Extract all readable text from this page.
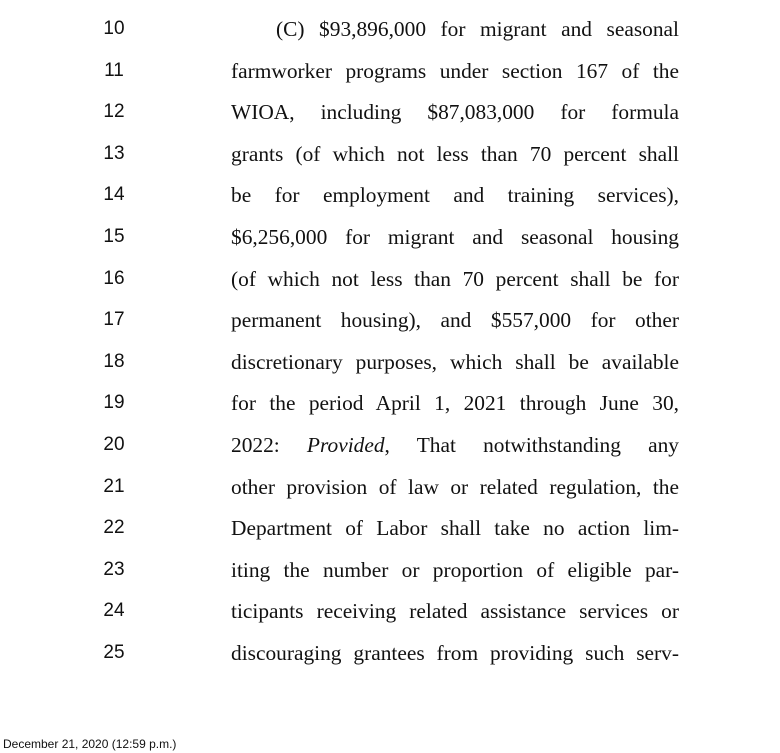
10	(C) $93,896,000 for migrant and seasonal
11	farmworker programs under section 167 of the
12	WIOA, including $87,083,000 for formula
13	grants (of which not less than 70 percent shall
14	be for employment and training services),
15	$6,256,000 for migrant and seasonal housing
16	(of which not less than 70 percent shall be for
17	permanent housing), and $557,000 for other
18	discretionary purposes, which shall be available
19	for the period April 1, 2021 through June 30,
20	2022: Provided, That notwithstanding any
21	other provision of law or related regulation, the
22	Department of Labor shall take no action lim-
23	iting the number or proportion of eligible par-
24	ticipants receiving related assistance services or
25	discouraging grantees from providing such serv-
December 21, 2020 (12:59 p.m.)
